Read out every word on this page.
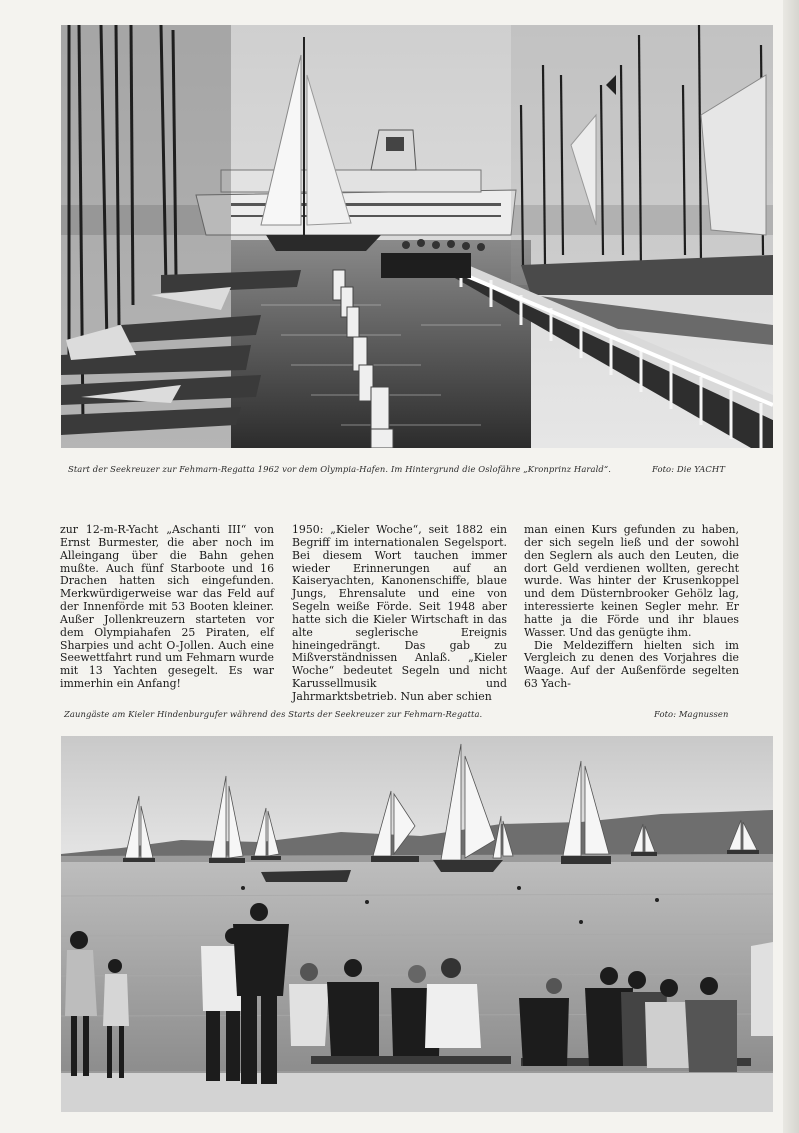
Start der Seekreuzer zur Fehmarn-Regatta 1962 vor dem Olympia-Hafen. Im Hintergrund die Oslofähre „Kronprinz Harald“.	Foto: Die YACHT

zur 12-m-R-Yacht „Aschanti III“ von Ernst Burmester, die aber noch im Alleingang über die Bahn gehen mußte. Auch fünf Starboote und 16 Drachen hatten sich eingefunden. Merkwürdigerweise war das Feld auf der Innenförde mit 53 Booten kleiner. Außer Jollenkreuzern starteten vor dem Olympiahafen 25 Piraten, elf Sharpies und acht O-Jollen. Auch eine Seewettfahrt rund um Fehmarn wurde mit 13 Yachten gesegelt. Es war immerhin ein Anfang!

1950: „Kieler Woche“, seit 1882 ein Begriff im internationalen Segelsport. Bei diesem Wort tauchen immer wieder Erinnerungen auf an Kaiseryachten, Kanonenschiffe, blaue Jungs, Ehrensalute und eine von Segeln weiße Förde. Seit 1948 aber hatte sich die Kieler Wirtschaft in das alte seglerische Ereignis hineingedrängt. Das gab zu Mißverständnissen Anlaß. „Kieler Woche“ bedeutet Segeln und nicht Karussellmusik und Jahrmarktsbetrieb. Nun aber schien

man einen Kurs gefunden zu haben, der sich segeln ließ und der sowohl den Seglern als auch den Leuten, die dort Geld verdienen wollten, gerecht wurde. Was hinter der Krusenkoppel und dem Düsternbrooker Gehölz lag, interessierte keinen Segler mehr. Er hatte ja die Förde und ihr blaues Wasser. Und das genügte ihm.

Die Meldeziffern hielten sich im Vergleich zu denen des Vorjahres die Waage. Auf der Außenförde segelten 63 Yach-

Zaungäste am Kieler Hindenburgufer während des Starts der Seekreuzer zur Fehmarn-Regatta.	Foto: Magnussen
